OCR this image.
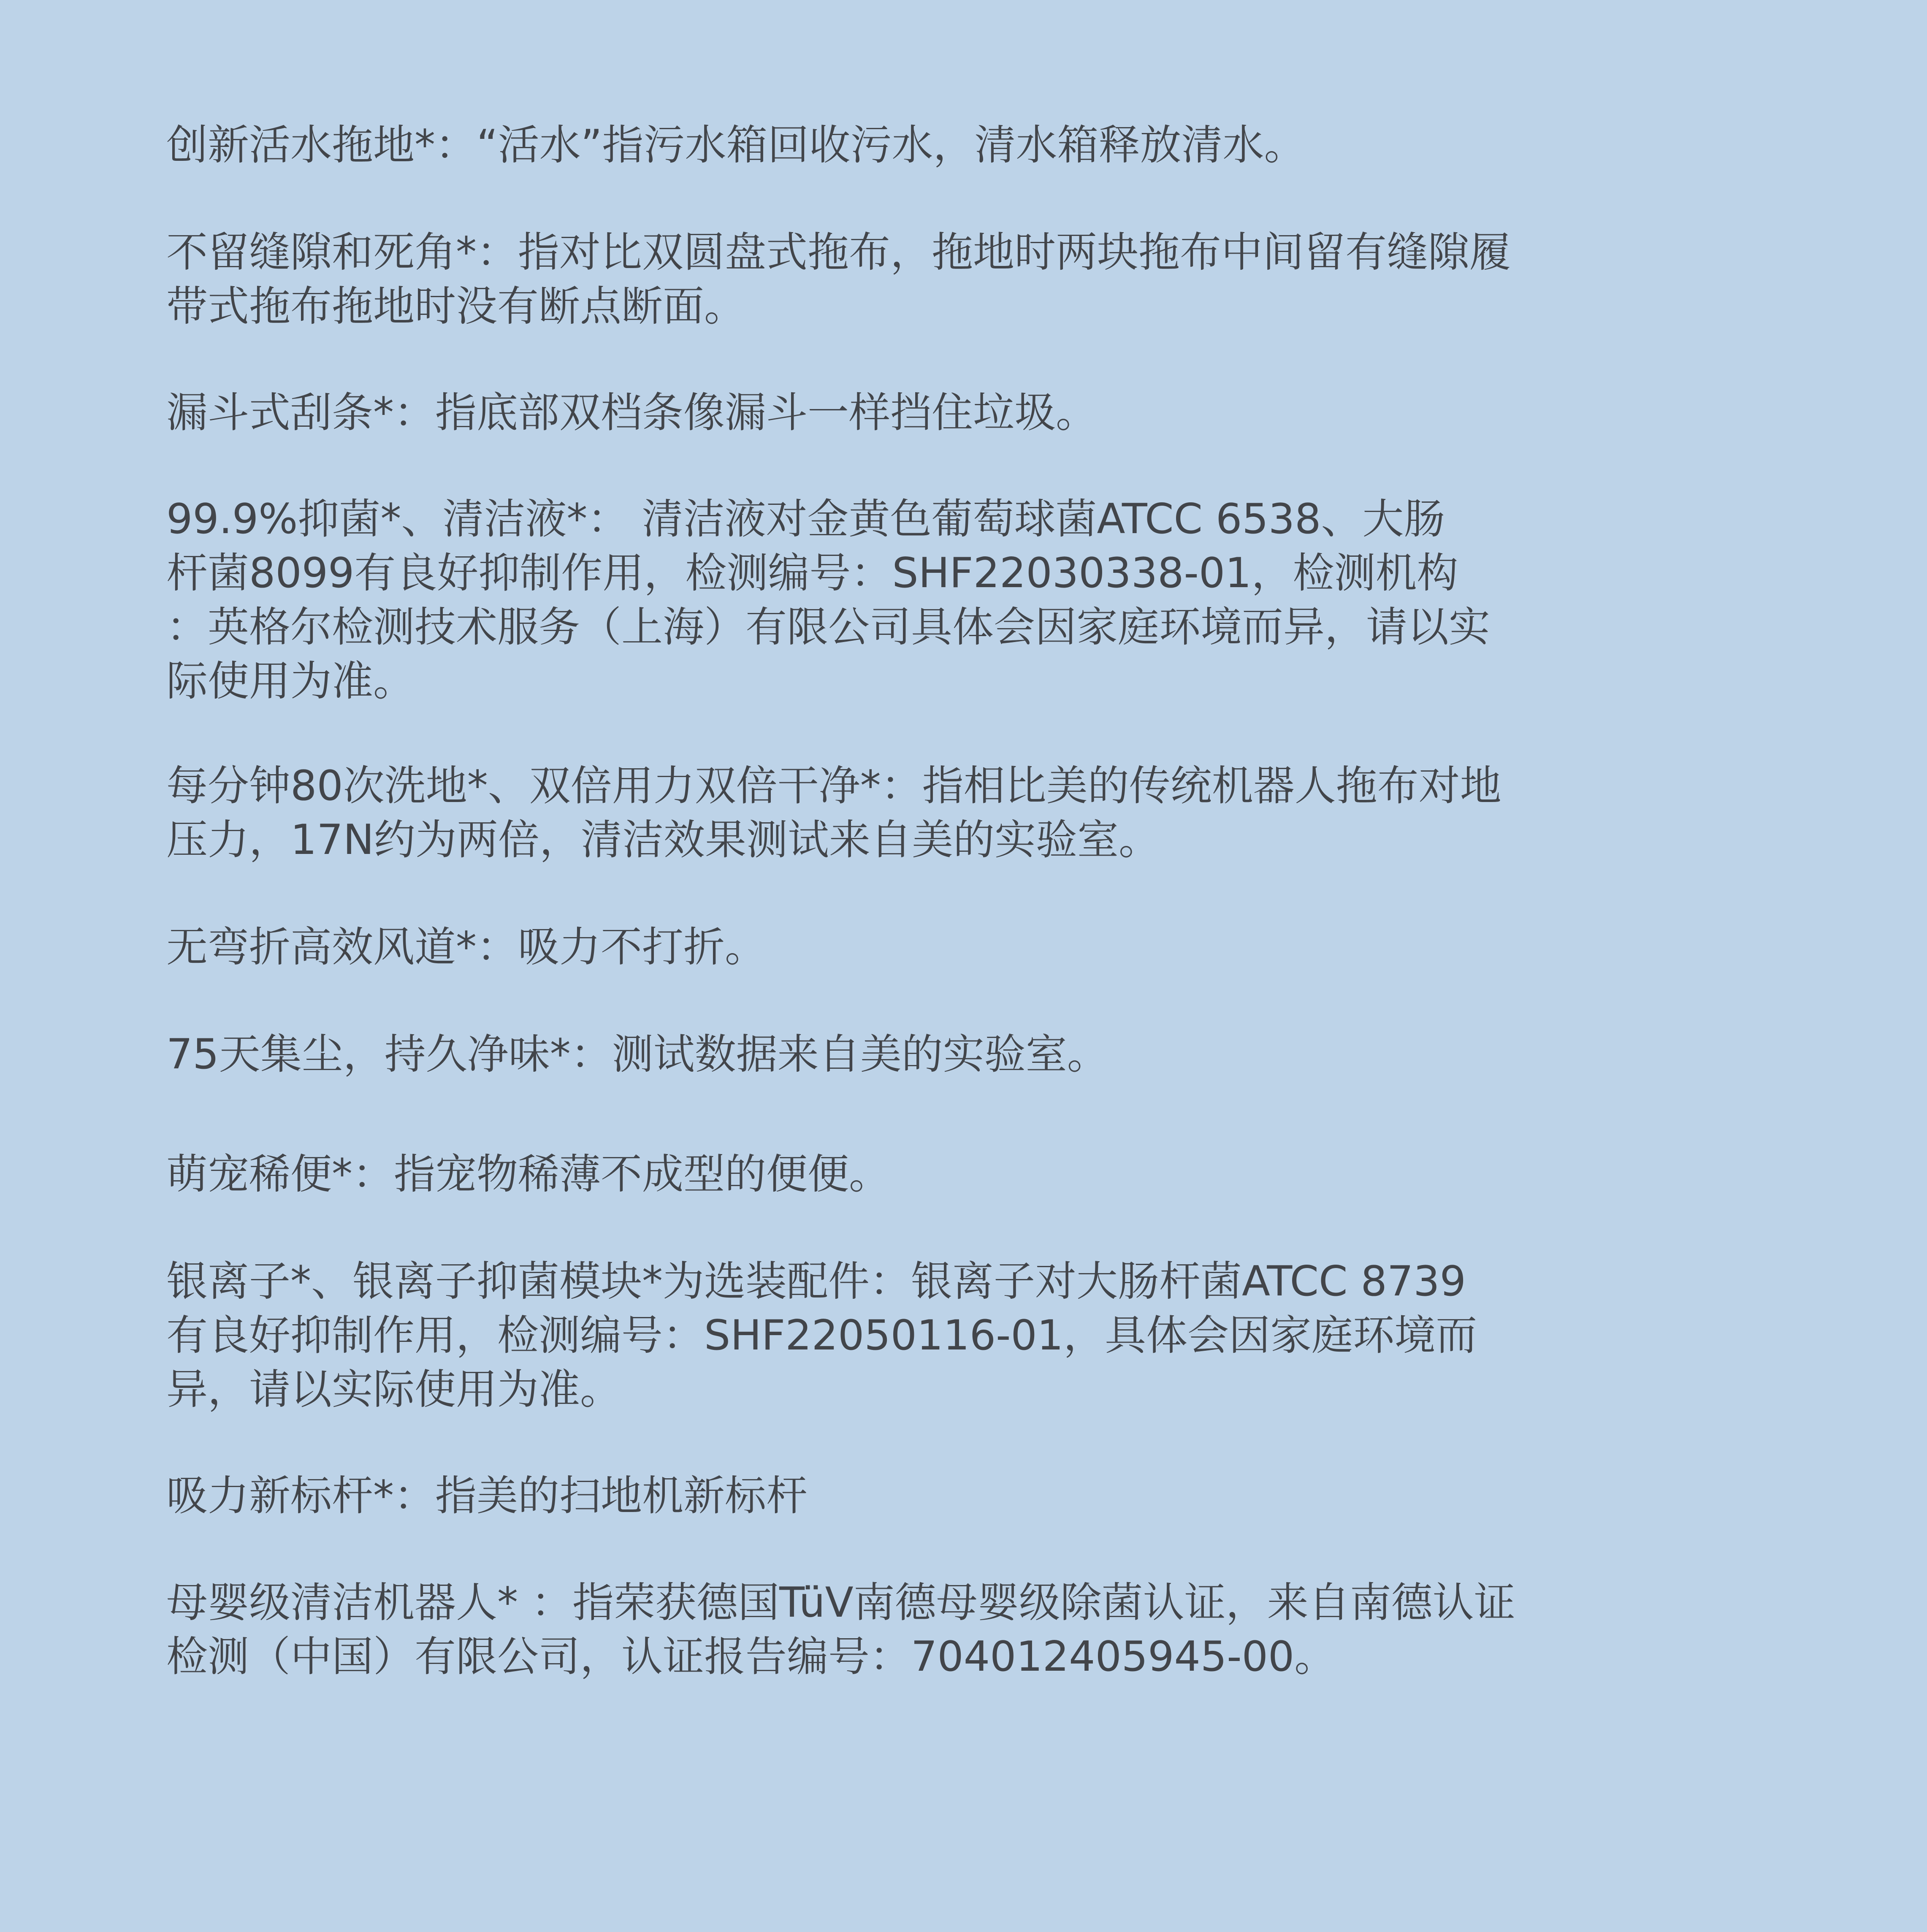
创新活水拖地*：“活水”指污水箱回收污水，清水箱释放清水。

不留缝隙和死角*：指对比双圆盘式拖布，拖地时两块拖布中间留有缝隙履
带式拖布拖地时没有断点断面。

漏斗式刮条*：指底部双档条像漏斗一样挡住垃圾。

99.9%抑菌*、清洁液*： 清洁液对金黄色葡萄球菌ATCC 6538、大肠
杆菌8099有良好抑制作用，检测编号：SHF22030338-01，检测机构
：英格尔检测技术服务（上海）有限公司具体会因家庭环境而异，请以实
际使用为准。

每分钟80次洗地*、双倍用力双倍干净*：指相比美的传统机器人拖布对地
压力，17N约为两倍，清洁效果测试来自美的实验室。

无弯折高效风道*：吸力不打折。

75天集尘，持久净味*：测试数据来自美的实验室。

萌宠稀便*：指宠物稀薄不成型的便便。

银离子*、银离子抑菌模块*为选装配件：银离子对大肠杆菌ATCC 8739
有良好抑制作用，检测编号：SHF22050116-01，具体会因家庭环境而
异，请以实际使用为准。

吸力新标杆*：指美的扫地机新标杆

母婴级清洁机器人* ：指荣获德国TüV南德母婴级除菌认证，来自南德认证
检测（中国）有限公司，认证报告编号：704012405945-00。
